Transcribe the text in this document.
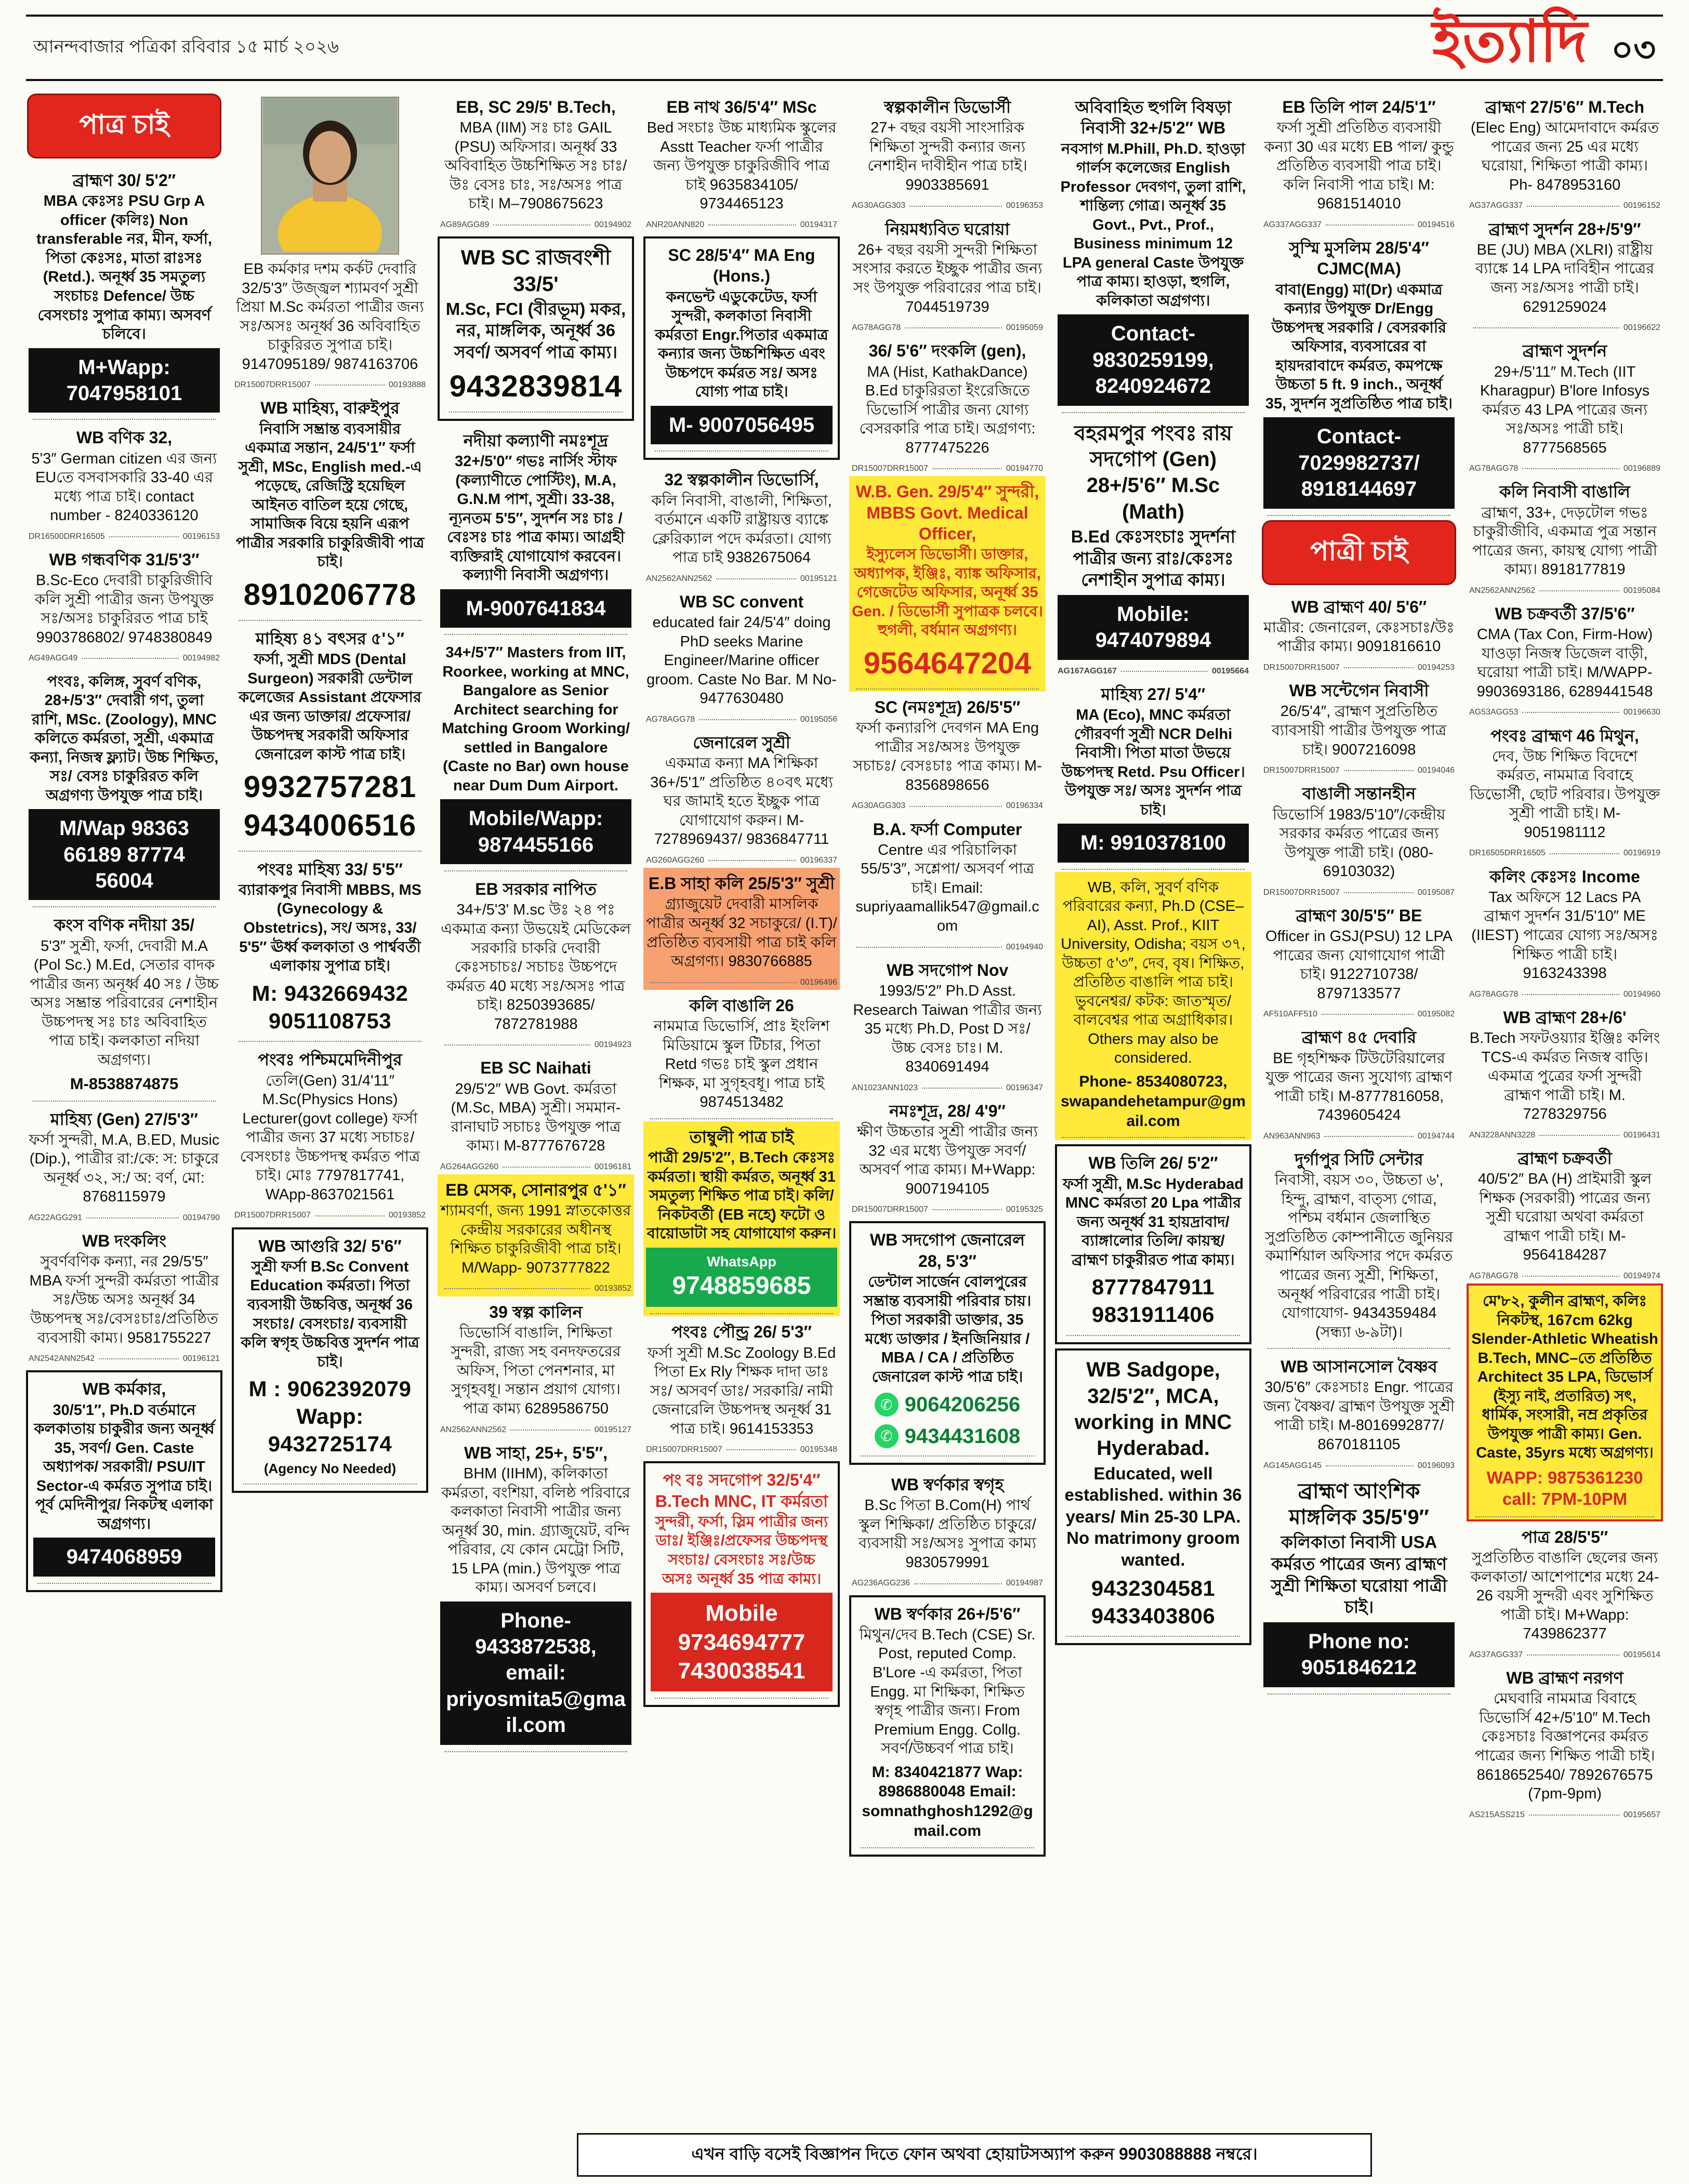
আনন্দবাজার পত্রিকা রবিবার ১৫ মার্চ ২০২৬	ইত্যাদি ০৩
পাত্র চাই
ব্রাহ্মণ 30/ 5'2″
MBA কেঃসঃ PSU Grp A officer (কলিঃ) Non transferable নর, মীন, ফর্সা, পিতা কেঃসঃ, মাতা রাঃসঃ (Retd.). অনূর্ধ্ব 35 সমতুল্য সংচাচঃ Defence/ উচ্চ বেসংচাঃ সুপাত্র কাম্য। অসবর্ণ চলিবে।
M+Wapp: 7047958101
WB বণিক 32,
5'3″ German citizen এর জন্য EUতে বসবাসকারি 33-40 এর মধ্যে পাত্র চাই। contact number - 8240336120
DR16500DRR16505	00196153
WB গন্ধবণিক 31/5'3″
B.Sc-Eco দেবারী চাকুরিজীবি কলি সুশ্রী পাত্রীর জন্য উপযুক্ত সঃ/অসঃ চাকুরিরত পাত্র চাই 9903786802/ 9748380849
AG49AGG49	00194982
পংবঃ, কলিঙ্গ, সুবর্ণ বণিক, 28+/5'3″ দেবারী গণ, তুলা রাশি, MSc. (Zoology), MNC কলিতে কর্মরতা, সুশ্রী, একমাত্র কন্যা, নিজস্ব ফ্ল্যাট। উচ্চ শিক্ষিত, সঃ/ বেসঃ চাকুরিরত কলি অগ্রগণ্য উপযুক্ত পাত্র চাই।
M/Wap 98363 66189 87774 56004
কংস বণিক নদীয়া 35/
5'3″ সুশ্রী, ফর্সা, দেবারী M.A (Pol Sc.) M.Ed, সেতার বাদক পাত্রীর জন্য অনূর্ধ্ব 40 সঃ / উচ্চ অসঃ সম্ভ্রান্ত পরিবারের নেশাহীন উচ্চপদস্থ সঃ চাঃ অবিবাহিত পাত্র চাই। কলকাতা নদিয়া অগ্রগণ্য।
M-8538874875
মাহিষ্য (Gen) 27/5'3″
ফর্সা সুন্দরী, M.A, B.ED, Music (Dip.), পাত্রীর রা:/কে: স: চাকুরে অনূর্ধ্ব ৩২, স:/ অ: বর্ণ, মো: 8768115979
AG22AGG291	00194790
WB দংকলিং
সুবর্ণবণিক কন্যা, নর 29/5'5″ MBA ফর্সা সুন্দরী কর্মরতা পাত্রীর সঃ/উচ্চ অসঃ অনূর্ধ্ব 34 উচ্চপদস্থ সঃ/বেসঃচাঃ/প্রতিষ্ঠিত ব্যবসায়ী কাম্য। 9581755227
AN2542ANN2542	00196121
WB কর্মকার,
30/5'1″, Ph.D বর্তমানে কলকাতায় চাকুরীর জন্য অনূর্ধ্ব 35, সবর্ণ/ Gen. Caste অধ্যাপক/ সরকারী/ PSU/IT Sector-এ কর্মরত সুপাত্র চাই। পূর্ব মেদিনীপুর/ নিকটস্থ এলাকা অগ্রগণ্য।
9474068959
EB কর্মকার দশম কর্কট দেবারি 32/5'3″ উজ্জ্বল শ্যামবর্ণ সুশ্রী প্রিয়া M.Sc কর্মরতা পাত্রীর জন্য সঃ/অসঃ অনূর্ধ্ব 36 অবিবাহিত চাকুরিরত সুপাত্র চাই। 9147095189/ 9874163706
DR15007DRR15007	00193888
WB মাহিষ্য, বারুইপুর
নিবাসি সম্ভ্রান্ত ব্যবসায়ীর একমাত্র সন্তান, 24/5'1″ ফর্সা সুশ্রী, MSc, English med.-এ পড়েছে, রেজিস্ট্রি হয়েছিল আইনত বাতিল হয়ে গেছে, সামাজিক বিয়ে হয়নি এরূপ পাত্রীর সরকারি চাকুরিজীবী পাত্র চাই।
8910206778
মাহিষ্য ৪১ বৎসর ৫'১″
ফর্সা, সুশ্রী MDS (Dental Surgeon) সরকারী ডেন্টাল কলেজের Assistant প্রফেসার এর জন্য ডাক্তার/ প্রফেসার/ উচ্চপদস্থ সরকারী অফিসার জেনারেল কাস্ট পাত্র চাই।
9932757281 9434006516
পংবঃ মাহিষ্য 33/ 5'5″
ব্যারাকপুর নিবাসী MBBS, MS (Gynecology & Obstetrics), সং/ অসঃ, 33/ 5'5″ ঊর্ধ্ব কলকাতা ও পার্শ্ববর্তী এলাকায় সুপাত্র চাই।
M: 9432669432 9051108753
পংবঃ পশ্চিমমেদিনীপুর
তেলি(Gen) 31/4'11″ M.Sc(Physics Hons) Lecturer(govt college) ফর্সা পাত্রীর জন্য 37 মধ্যে সচাচঃ/বেসংচাঃ উচ্চপদস্থ কর্মরত পাত্র চাই। মোঃ 7797817741, WApp-8637021561
DR15007DRR15007	00193852
WB আগুরি 32/ 5'6″
সুশ্রী ফর্সা B.Sc Convent Education কর্মরতা। পিতা ব্যবসায়ী উচ্চবিত্ত, অনূর্ধ্ব 36 সংচাঃ/ বেসংচাঃ/ ব্যবসায়ী কলি স্বগৃহ উচ্চবিত্ত সুদর্শন পাত্র চাই।
M : 9062392079 Wapp: 9432725174
(Agency No Needed)
EB, SC 29/5' B.Tech,
MBA (IIM) সঃ চাঃ GAIL (PSU) অফিসার। অনূর্ধ্ব 33 অবিবাহিত উচ্চশিক্ষিত সঃ চাঃ/উঃ বেসঃ চাঃ, সঃ/অসঃ পাত্র চাই। M–7908675623
AG89AGG89	00194902
WB SC রাজবংশী 33/5'
M.Sc, FCI (বীরভূম) মকর, নর, মাঙ্গলিক, অনূর্ধ্ব 36 সবর্ণ/ অসবর্ণ পাত্র কাম্য।
9432839814
নদীয়া কল্যাণী নমঃশূদ্র
32+/5'0″ গভঃ নার্সিং স্টাফ (কল্যাণীতে পোস্টিং), M.A, G.N.M পাশ, সুশ্রী। 33-38, ন্যূনতম 5'5″, সুদর্শন সঃ চাঃ / বেঃসঃ চাঃ পাত্র কাম্য। আগ্রহী ব্যক্তিরাই যোগাযোগ করবেন। কল্যাণী নিবাসী অগ্রগণ্য।
M-9007641834
34+/5'7″ Masters from IIT, Roorkee, working at MNC, Bangalore as Senior Architect searching for Matching Groom Working/ settled in Bangalore (Caste no Bar) own house near Dum Dum Airport.
Mobile/Wapp: 9874455166
EB সরকার নাপিত
34+/5'3' M.sc উঃ ২৪ পঃ একমাত্র কন্যা উভয়েই মেডিকেল সরকারি চাকরি দেবারী কেঃসচাচঃ/ সচাচঃ উচ্চপদে কর্মরত 40 মধ্যে সঃ/অসঃ পাত্র চাই। 8250393685/ 7872781988
00194923
EB SC Naihati
29/5'2″ WB Govt. কর্মরতা (M.Sc, MBA) সুশ্রী। সমমান-রানাঘাট সচাচঃ উপযুক্ত পাত্র কাম্য। M-8777676728
AG264AGG260	00196181
EB মেসক, সোনারপুর ৫'১″
শ্যামবর্ণা, জন্য 1991 স্নাতকোত্তর কেন্দ্রীয় সরকারের অধীনস্থ শিক্ষিত চাকুরিজীবী পাত্র চাই। M/Wapp- 9073777822
00193852
39 স্বল্প কালিন
ডিভোর্সি বাঙালি, শিক্ষিতা সুন্দরী, রাজ্য সহ বনদফতরের অফিস, পিতা পেনশনার, মা সুগৃহবধূ। সন্তান প্রয়াগ যোগ্য। পাত্র কাম্য 6289586750
AN2562ANN2562	00195127
WB সাহা, 25+, 5'5″,
BHM (IIHM), কলিকাতা কর্মরতা, বংশিয়া, বলিষ্ঠ পরিবারে কলকাতা নিবাসী পাত্রীর জন্য অনূর্ধ্ব 30, min. গ্র্যাজুয়েট, বন্দি পরিবার, যে কোন মেট্রো সিটি, 15 LPA (min.) উপযুক্ত পাত্র কাম্য। অসবর্ণ চলবে।
Phone- 9433872538, email: priyosmita5@gmail.com
EB নাথ 36/5'4″ MSc
Bed সংচাঃ উচ্চ মাধ্যমিক স্কুলের Asstt Teacher ফর্সা পাত্রীর জন্য উপযুক্ত চাকুরিজীবি পাত্র চাই 9635834105/ 9734465123
ANR20ANN820	00194317
SC 28/5'4″ MA Eng (Hons.)
কনভেন্ট এডুকেটেড, ফর্সা সুন্দরী, কলকাতা নিবাসী কর্মরতা Engr.পিতার একমাত্র কন্যার জন্য উচ্চশিক্ষিত এবং উচ্চপদে কর্মরত সঃ/ অসঃ যোগ্য পাত্র চাই।
M- 9007056495
32 স্বল্পকালীন ডিভোর্সি,
কলি নিবাসী, বাঙালী, শিক্ষিতা, বর্তমানে একটি রাষ্ট্রায়ত্ত ব্যাঙ্কে ক্লেরিক্যাল পদে কর্মরতা। যোগ্য পাত্র চাই 9382675064
AN2562ANN2562	00195121
WB SC convent
educated fair 24/5'4″ doing PhD seeks Marine Engineer/Marine officer groom. Caste No Bar. M No-9477630480
AG78AGG78	00195056
জেনারেল সুশ্রী
একমাত্র কন্যা MA শিক্ষিকা 36+/5'1″ প্রতিষ্ঠিত ৪০বৎ মধ্যে ঘর জামাই হতে ইচ্ছুক পাত্র যোগাযোগ করুন। M-7278969437/ 9836847711
AG260AGG260	00196337
E.B সাহা কলি 25/5'3″ সুশ্রী
গ্র্যাজুয়েট দেবারী মাসলিক পাত্রীর অনূর্ধ্ব 32 সচাকুরে/ (I.T)/প্রতিষ্ঠিত ব্যবসায়ী পাত্র চাই কলি অগ্রগণ্য। 9830766885
00196496
কলি বাঙালি 26
নামমাত্র ডিভোর্সি, প্রাঃ ইংলিশ মিডিয়ামে স্কুল টিচার, পিতা Retd গভঃ চাই স্কুল প্রধান শিক্ষক, মা সুগৃহবধূ। পাত্র চাই 9874513482
তাম্বুলী পাত্র চাই
পাত্রী 29/5'2″, B.Tech কেঃসঃ কর্মরতা। স্থায়ী কর্মরত, অনূর্ধ্ব 31 সমতুল্য শিক্ষিত পাত্র চাই। কলি/ নিকটবর্তী (EB নহে) ফটো ও বায়োডাটা সহ যোগাযোগ করুন।
WhatsApp
9748859685
পংবঃ পৌন্ড্র 26/ 5'3″
ফর্সা সুশ্রী M.Sc Zoology B.Ed পিতা Ex Rly শিক্ষক দাদা ডাঃ সঃ/ অসবর্ণ ডাঃ/ সরকারি/ নামী জেনারেলি উচ্চপদস্থ অনূর্ধ্ব 31 পাত্র চাই। 9614153353
DR15007DRR15007	00195348
পং বঃ সদগোপ 32/5'4″ B.Tech MNC, IT কর্মরতা
সুন্দরী, ফর্সা, স্লিম পাত্রীর জন্য ডাঃ/ ইঞ্জিঃ/প্রফেসর উচ্চপদস্থ সংচাঃ/ বেসংচাঃ সঃ/উচ্চ অসঃ অনূর্ধ্ব 35 পাত্র কাম্য।
Mobile 9734694777 7430038541
স্বল্পকালীন ডিভোর্সী
27+ বছর বয়সী সাংসারিক শিক্ষিতা সুন্দরী কন্যার জন্য নেশাহীন দাবীহীন পাত্র চাই। 9903385691
AG30AGG303	00196353
নিয়মধ্যবিত ঘরোয়া
26+ বছর বয়সী সুন্দরী শিক্ষিতা সংসার করতে ইচ্ছুক পাত্রীর জন্য সং উপযুক্ত পরিবারের পাত্র চাই। 7044519739
AG78AGG78	00195059
36/ 5'6″ দংকলি (gen),
MA (Hist, KathakDance) B.Ed চাকুরিরতা ইংরেজিতে ডিভোর্সি পাত্রীর জন্য যোগ্য বেসরকারি পাত্র চাই। অগ্রগণ্য: 8777475226
DR15007DRR15007	00194770
W.B. Gen. 29/5'4″ সুন্দরী, MBBS Govt. Medical Officer,
ইস্যুলেস ডিভোর্সী। ডাক্তার, অধ্যাপক, ইঞ্জিঃ, ব্যাঙ্ক অফিসার, গেজেটেড অফিসার, অনূর্ধ্ব 35 Gen. / ডিভোর্সী সুপাত্রক চলবে। হুগলী, বর্ধমান অগ্রগণ্য।
9564647204
SC (নমঃশূদ্র) 26/5'5″
ফর্সা কন্যারপি দেবগন MA Eng পাত্রীর সঃ/অসঃ উপযুক্ত সচাচঃ/ বেসঃচাঃ পাত্র কাম্য। M-8356898656
AG30AGG303	00196334
B.A. ফর্সা Computer
Centre এর পরিচালিকা 55/5'3″, সশ্লেপা/ অসবর্ণ পাত্র চাই। Email: supriyaamallik547@gmail.com
00194940
WB সদগোপ Nov
1993/5'2″ Ph.D Asst. Research Taiwan পাত্রীর জন্য 35 মধ্যে Ph.D, Post D সঃ/ উচ্চ বেসঃ চাঃ। M. 8340691494
AN1023ANN1023	00196347
নমঃশূদ্র, 28/ 4'9″
ক্ষীণ উচ্চতার সুশ্রী পাত্রীর জন্য 32 এর মধ্যে উপযুক্ত সবর্ণ/ অসবর্ণ পাত্র কাম্য। M+Wapp: 9007194105
DR15007DRR15007	00195325
WB সদগোপ জেনারেল 28, 5'3″
ডেন্টাল সার্জেন বোলপুরের সম্ভ্রান্ত ব্যবসায়ী পরিবার চায়। পিতা সরকারী ডাক্তার, 35 মধ্যে ডাক্তার / ইনজিনিয়ার / MBA / CA / প্রতিষ্ঠিত জেনারেল কাস্ট পাত্র চাই।
✆ 9064206256
✆ 9434431608
WB স্বর্ণকার স্বগৃহ
B.Sc পিতা B.Com(H) পার্থ স্কুল শিক্ষিকা/ প্রতিষ্ঠিত চাকুরে/ ব্যবসায়ী সঃ/অসঃ সুপাত্র কাম্য 9830579991
AG236AGG236	00194987
WB স্বর্ণকার 26+/5'6″
মিথুন/দেব B.Tech (CSE) Sr. Post, reputed Comp. B'Lore -এ কর্মরতা, পিতা Engg. মা শিক্ষিকা, শিক্ষিত স্বগৃহ পাত্রীর জন্য। From Premium Engg. Collg. সবর্ণ/উচ্চবর্ণ পাত্র চাই।
M: 8340421877 Wap: 8986880048 Email: somnathghosh1292@gmail.com
অবিবাহিত হুগলি বিষড়া নিবাসী 32+/5'2″ WB
নবসাগ M.Phill, Ph.D. হাওড়া গার্লস কলেজের English Professor দেবগণ, তুলা রাশি, শান্তিল্য গোত্র। অনূর্ধ্ব 35 Govt., Pvt., Prof., Business minimum 12 LPA general Caste উপযুক্ত পাত্র কাম্য। হাওড়া, হুগলি, কলিকাতা অগ্রগণ্য।
Contact- 9830259199, 8240924672
বহরমপুর পংবঃ রায় সদগোপ (Gen) 28+/5'6″ M.Sc (Math)
B.Ed কেঃসংচাঃ সুদর্শনা পাত্রীর জন্য রাঃ/কেঃসঃ নেশাহীন সুপাত্র কাম্য।
Mobile: 9474079894
AG167AGG167	00195664
মাহিষ্য 27/ 5'4″
MA (Eco), MNC কর্মরতা গৌরবর্ণা সুশ্রী NCR Delhi নিবাসী। পিতা মাতা উভয়ে উচ্চপদস্থ Retd. Psu Officer। উপযুক্ত সঃ/ অসঃ সুদর্শন পাত্র চাই।
M: 9910378100
WB, কলি, সুবর্ণ বণিক পরিবারের কন্যা, Ph.D (CSE–AI), Asst. Prof., KIIT University, Odisha; বয়স ৩৭, উচ্চতা ৫'৩″, দেব, বৃষ। শিক্ষিত, প্রতিষ্ঠিত বাঙালি পাত্র চাই। ভুবনেশ্বর/ কটক: জাতস্মৃত/ বালবেশ্বর পাত্র অগ্রাধিকার। Others may also be considered.
Phone- 8534080723, swapandehetampur@gmail.com
WB তিলি 26/ 5'2″
ফর্সা সুশ্রী, M.Sc Hyderabad MNC কর্মরতা 20 Lpa পাত্রীর জন্য অনূর্ধ্ব 31 হায়দ্রাবাদ/ ব্যাঙ্গালোর তিলি/ কায়স্থ/ ব্রাহ্মণ চাকুরীরত পাত্র কাম্য।
8777847911 9831911406
WB Sadgope, 32/5'2″, MCA, working in MNC Hyderabad.
Educated, well established. within 36 years/ Min 25-30 LPA. No matrimony groom wanted.
9432304581 9433403806
EB তিলি পাল 24/5'1″
ফর্সা সুশ্রী প্রতিষ্ঠিত ব্যবসায়ী কন্যা 30 এর মধ্যে EB পাল/ কুন্ডু প্রতিষ্ঠিত ব্যবসায়ী পাত্র চাই। কলি নিবাসী পাত্র চাই। M: 9681514010
AG337AGG337	00194516
সুস্মি মুসলিম 28/5'4″ CJMC(MA)
বাবা(Engg) মা(Dr) একমাত্র কন্যার উপযুক্ত Dr/Engg উচ্চপদস্থ সরকারি / বেসরকারি অফিসার, ব্যবসারের বা হায়দরাবাদে কর্মরত, কমপক্ষে উচ্চতা 5 ft. 9 inch., অনূর্ধ্ব 35, সুদর্শন সুপ্রতিষ্ঠিত পাত্র চাই।
Contact- 7029982737/ 8918144697
পাত্রী চাই
WB ব্রাহ্মণ 40/ 5'6″
মাত্রীর: জেনারেল, কেঃসচাঃ/উঃ পাত্রীর কাম্য। 9091816610
DR15007DRR15007	00194253
WB সন্টেগেন নিবাসী
26/5'4″, ব্রাহ্মণ সুপ্রতিষ্ঠিত ব্যাবসায়ী পাত্রীর উপযুক্ত পাত্র চাই। 9007216098
DR15007DRR15007	00194046
বাঙালী সন্তানহীন
ডিভোর্সি 1983/5'10″/কেন্দ্রীয় সরকার কর্মরত পাত্রের জন্য উপযুক্ত পাত্রী চাই। (080-69103032)
DR15007DRR15007	00195087
ব্রাহ্মণ 30/5'5″ BE
Officer in GSJ(PSU) 12 LPA পাত্রের জন্য যোগাযোগ পাত্রী চাই। 9122710738/ 8797133577
AF510AFF510	00195082
ব্রাহ্মণ ৪৫ দেবারি
BE গৃহশিক্ষক টিউটেরিয়ালের যুক্ত পাত্রের জন্য সুযোগ্য ব্রাহ্মণ পাত্রী চাই। M-8777816058, 7439605424
AN963ANN963	00194744
দুর্গাপুর সিটি সেন্টার
নিবাসী, বয়স ৩০, উচ্চতা ৬', হিন্দু, ব্রাহ্মণ, বাত্স্য গোত্র, পশ্চিম বর্ধমান জেলাস্থিত সুপ্রতিষ্ঠিত কোম্পানীতে জুনিয়র কমার্শিয়াল অফিসার পদে কর্মরত পাত্রের জন্য সুশ্রী, শিক্ষিতা, অনূর্ধ্ব পরিবারের পাত্রী চাই। যোগাযোগ- 9434359484 (সন্ধ্যা ৬-৯টা)।
WB আসানসোল বৈষ্ণব
30/5'6″ কেঃসচাঃ Engr. পাত্রের জন্য বৈষ্ণব/ ব্রাহ্মণ উপযুক্ত সুশ্রী পাত্রী চাই। M-8016992877/ 8670181105
AG145AGG145	00196093
ব্রাহ্মণ আংশিক মাঙ্গলিক 35/5'9″
কলিকাতা নিবাসী USA কর্মরত পাত্রের জন্য ব্রাহ্মণ সুশ্রী শিক্ষিতা ঘরোয়া পাত্রী চাই।
Phone no: 9051846212
ব্রাহ্মণ 27/5'6″ M.Tech
(Elec Eng) আমেদাবাদে কর্মরত পাত্রের জন্য 25 এর মধ্যে ঘরোয়া, শিক্ষিতা পাত্রী কাম্য। Ph- 8478953160
AG37AGG337	00196152
ব্রাহ্মণ সুদর্শন 28+/5'9″
BE (JU) MBA (XLRI) রাষ্ট্রীয় ব্যাঙ্কে 14 LPA দাবিহীন পাত্রের জন্য সঃ/অসঃ পাত্রী চাই। 6291259024
00196622
ব্রাহ্মণ সুদর্শন
29+/5'11″ M.Tech (IIT Kharagpur) B'lore Infosys কর্মরত 43 LPA পাত্রের জন্য সঃ/অসঃ পাত্রী চাই। 8777568565
AG78AGG78	00196889
কলি নিবাসী বাঙালি
ব্রাহ্মণ, 33+, দেড়টোল গভঃ চাকুরীজীবি, একমাত্র পুত্র সন্তান পাত্রের জন্য, কায়স্থ যোগ্য পাত্রী কাম্য। 8918177819
AN2562ANN2562	00195084
WB চক্রবর্তী 37/5'6″
CMA (Tax Con, Firm-How) যাওড়া নিজস্ব ডিজেল বাড়ী, ঘরোয়া পাত্রী চাই। M/WAPP- 9903693186, 6289441548
AG53AGG53	00196630
পংবঃ ব্রাহ্মণ 46 মিথুন,
দেব, উচ্চ শিক্ষিত বিদেশে কর্মরত, নামমাত্র বিবাহে ডিভোর্সী, ছোট পরিবার। উপযুক্ত সুশ্রী পাত্রী চাই। M-9051981112
DR16505DRR16505	00196919
কলিং কেঃসঃ Income
Tax অফিসে 12 Lacs PA ব্রাহ্মণ সুদর্শন 31/5'10″ ME (IIEST) পাত্রের যোগ্য সঃ/অসঃ শিক্ষিত পাত্রী চাই। 9163243398
AG78AGG78	00194960
WB ব্রাহ্মণ 28+/6'
B.Tech সফটওয়্যার ইঞ্জিঃ কলিং TCS-এ কর্মরত নিজস্ব বাড়ি। একমাত্র পুত্রের ফর্সা সুন্দরী ব্রাহ্মণ পাত্রী চাই। M. 7278329756
AN3228ANN3228	00196431
ব্রাহ্মণ চক্রবর্তী
40/5'2″ BA (H) প্রাইমারী স্কুল শিক্ষক (সরকারী) পাত্রের জন্য সুশ্রী ঘরোয়া অথবা কর্মরতা ব্রাহ্মণ পাত্রী চাই। M- 9564184287
AG78AGG78	00194974
মে'৮২, কুলীন ব্রাহ্মণ, কলিঃ নিকটস্থ, 167cm 62kg Slender-Athletic Wheatish B.Tech, MNC–তে প্রতিষ্ঠিত Architect 35 LPA, ডিভোর্স (ইস্যু নাই, প্রতারিত) সৎ, ধার্মিক, সংসারী, নম্র প্রকৃতির উপযুক্ত পাত্রী কাম্য। Gen. Caste, 35yrs মধ্যে অগ্রগণ্য।
WAPP: 9875361230 call: 7PM-10PM
পাত্র 28/5'5″
সুপ্রতিষ্ঠিত বাঙালি ছেলের জন্য কলকাতা/ আশেপাশের মধ্যে 24-26 বয়সী সুন্দরী এবং সুশিক্ষিত পাত্রী চাই। M+Wapp: 7439862377
AG37AGG337	00195614
WB ব্রাহ্মণ নরগণ
মেঘবারি নামমাত্র বিবাহে ডিভোর্সি 42+/5'10″ M.Tech কেঃসচাঃ বিজ্ঞাপনের কর্মরত পাত্রের জন্য শিক্ষিত পাত্রী চাই। 8618652540/ 7892676575 (7pm-9pm)
AS215ASS215	00195657
এখন বাড়ি বসেই বিজ্ঞাপন দিতে ফোন অথবা হোয়াটসঅ্যাপ করুন 9903088888 নম্বরে।
